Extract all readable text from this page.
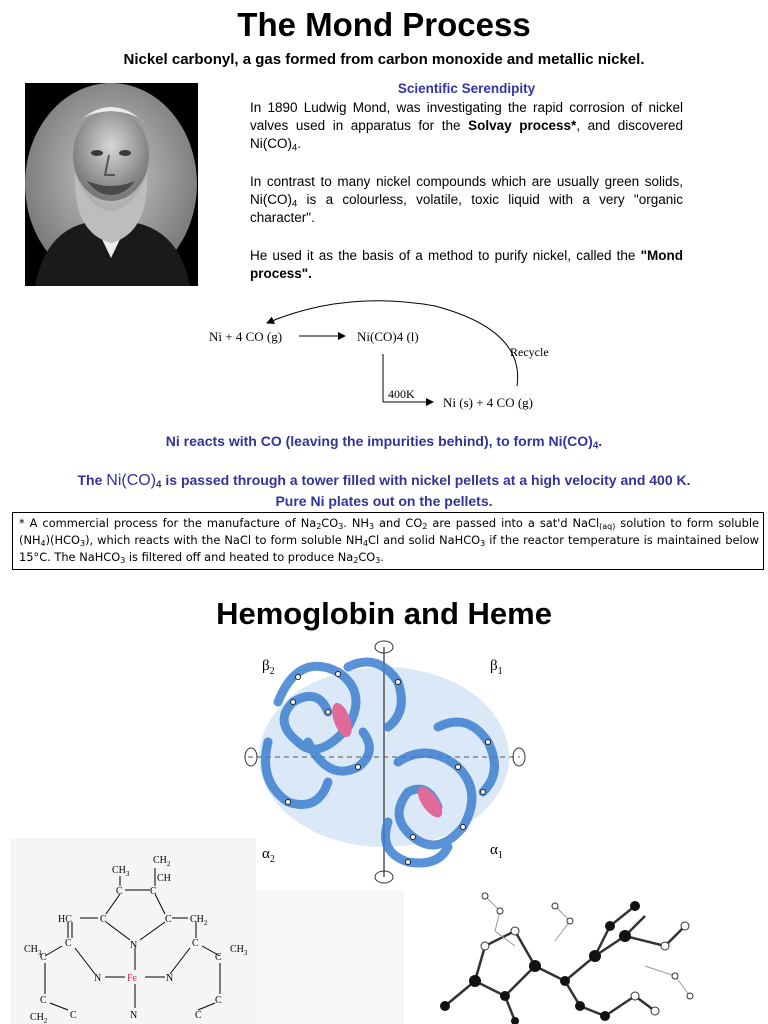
The Mond Process
Nickel carbonyl, a gas formed from carbon monoxide and metallic nickel.
Scientific Serendipity
In 1890 Ludwig Mond, was investigating the rapid corrosion of nickel valves used in apparatus for the Solvay process*, and discovered $Ni(CO)_4$.
In contrast to many nickel compounds which are usually green solids, $Ni(CO)_4$ is a colourless, volatile, toxic liquid with a very "organic character".
He used it as the basis of a method to purify nickel, called the "Mond process".
Ni + 4 CO (g)	Ni(CO)4 (l)
Recycle
400K
Ni (s) + 4 CO (g)
Ni reacts with CO (leaving the impurities behind), to form $Ni(CO)_4$.
The $Ni(CO)_4$ is passed through a tower filled with nickel pellets at a high velocity and 400 K.
Pure Ni plates out on the pellets.
* A commercial process for the manufacture of $Na_2CO_3$. $NH_3$ and $CO_2$ are passed into a sat'd NaCl$_{(aq)}$ solution to form soluble $(NH_4)(HCO_3)$, which reacts with the NaCl to form soluble $NH_4Cl$ and solid NaHCO$_3$ if the reactor temperature is maintained below 15°C. The NaHCO$_3$ is filtered off and heated to produce $Na_2CO_3$.
Hemoglobin and Heme
$\beta_2$	$\beta_1$
$\alpha_2$
$\alpha_1$
$CH_3$
$CH_2$
CH
C	C
HC	C	C $CH_2$
N
$CH_3$
C	C
$CH_3$
N	Fe	N
C	C
C	C
N
$CH_2$ C	C
